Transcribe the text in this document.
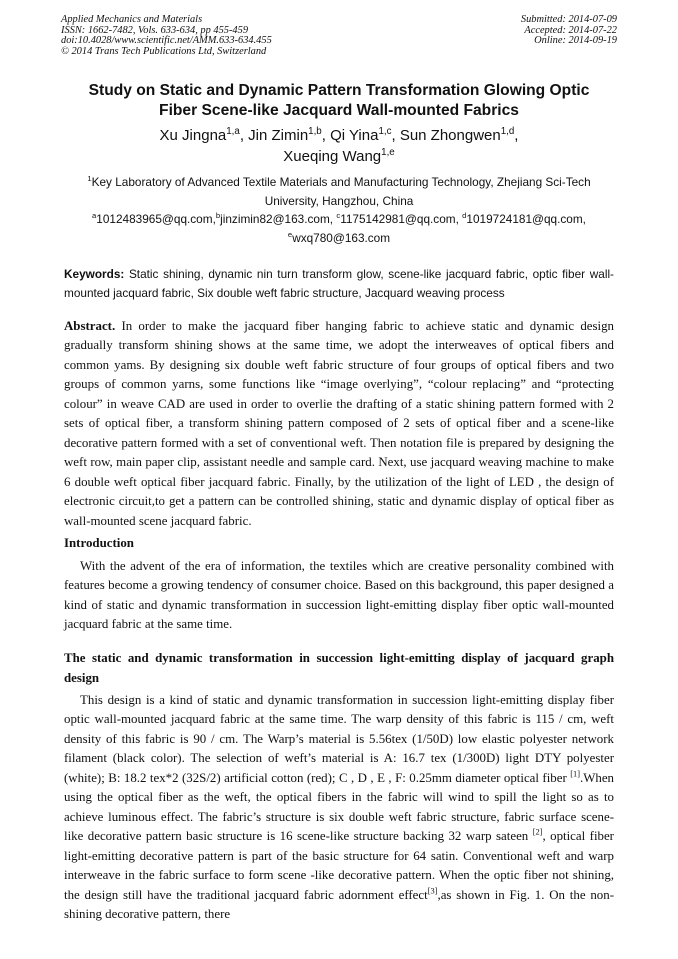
Applied Mechanics and Materials
ISSN: 1662-7482, Vols. 633-634, pp 455-459
doi:10.4028/www.scientific.net/AMM.633-634.455
© 2014 Trans Tech Publications Ltd, Switzerland
Submitted: 2014-07-09
Accepted: 2014-07-22
Online: 2014-09-19
Study on Static and Dynamic Pattern Transformation Glowing Optic
Fiber Scene-like Jacquard Wall-mounted Fabrics
Xu Jingna$^{1,a}$, Jin Zimin$^{1,b}$, Qi Yina$^{1,c}$, Sun Zhongwen$^{1,d}$,
Xueqing Wang$^{1,e}$
$^1$Key Laboratory of Advanced Textile Materials and Manufacturing Technology, Zhejiang Sci-Tech
University, Hangzhou, China
$^a$1012483965@qq.com,$^b$jinzimin82@163.com, $^c$1175142981@qq.com, $^d$1019724181@qq.com,
$^e$wxq780@163.com
Keywords: Static shining, dynamic nin turn transform glow, scene-like jacquard fabric, optic fiber wall-mounted jacquard fabric, Six double weft fabric structure, Jacquard weaving process
Abstract. In order to make the jacquard fiber hanging fabric to achieve static and dynamic design gradually transform shining shows at the same time, we adopt the interweaves of optical fibers and common yams. By designing six double weft fabric structure of four groups of optical fibers and two groups of common yarns, some functions like “image overlying”, “colour replacing” and “protecting colour” in weave CAD are used in order to overlie the drafting of a static shining pattern formed with 2 sets of optical fiber, a transform shining pattern composed of 2 sets of optical fiber and a scene-like decorative pattern formed with a set of conventional weft. Then notation file is prepared by designing the weft row, main paper clip, assistant needle and sample card. Next, use jacquard weaving machine to make 6 double weft optical fiber jacquard fabric. Finally, by the utilization of the light of LED , the design of electronic circuit,to get a pattern can be controlled shining, static and dynamic display of optical fiber as wall-mounted scene jacquard fabric.
Introduction
With the advent of the era of information, the textiles which are creative personality combined with features become a growing tendency of consumer choice. Based on this background, this paper designed a kind of static and dynamic transformation in succession light-emitting display fiber optic wall-mounted jacquard fabric at the same time.
The static and dynamic transformation in succession light-emitting display of jacquard graph design
This design is a kind of static and dynamic transformation in succession light-emitting display fiber optic wall-mounted jacquard fabric at the same time. The warp density of this fabric is 115 / cm, weft density of this fabric is 90 / cm. The Warp’s material is 5.56tex (1/50D) low elastic polyester network filament (black color). The selection of weft’s material is A: 16.7 tex (1/300D) light DTY polyester (white); B: 18.2 tex*2 (32S/2) artificial cotton (red); C , D , E , F: 0.25mm diameter optical fiber [1].When using the optical fiber as the weft, the optical fibers in the fabric will wind to spill the light so as to achieve luminous effect. The fabric’s structure is six double weft fabric structure, fabric surface scene- like decorative pattern basic structure is 16 scene-like structure backing 32 warp sateen [2], optical fiber light-emitting decorative pattern is part of the basic structure for 64 satin. Conventional weft and warp interweave in the fabric surface to form scene -like decorative pattern. When the optic fiber not shining, the design still have the traditional jacquard fabric adornment effect[3],as shown in Fig. 1. On the non-shining decorative pattern, there
